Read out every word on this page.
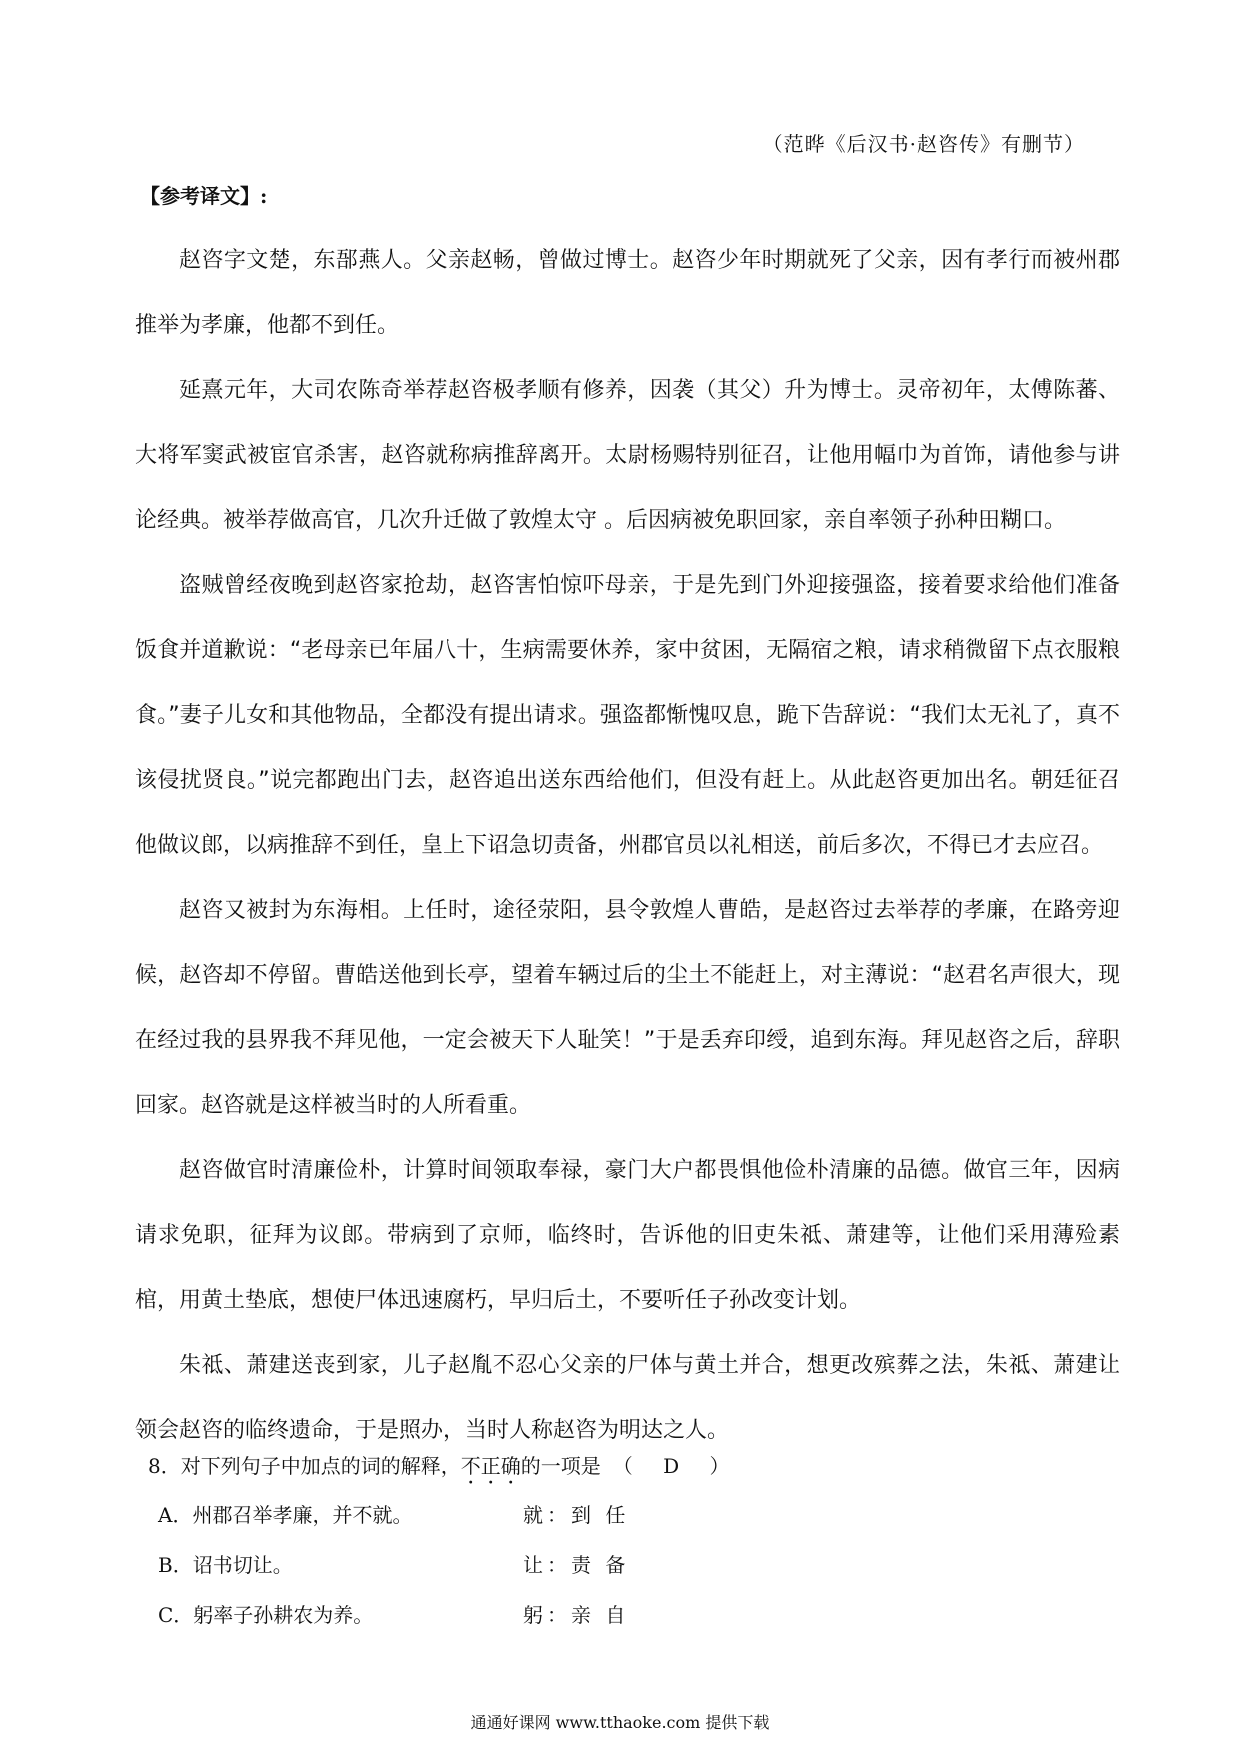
（范晔《后汉书·赵咨传》有删节）
【参考译文】:

赵咨字文楚，东郚燕人。父亲赵畅，曾做过博士。赵咨少年时期就死了父亲，因有孝行而被州郡推举为孝廉，他都不到任。

延熹元年，大司农陈奇举荐赵咨极孝顺有修养，因袭（其父）升为博士。灵帝初年，太傅陈蕃、大将军窦武被宦官杀害，赵咨就称病推辞离开。太尉杨赐特别征召，让他用幅巾为首饰，请他参与讲论经典。被举荐做高官，几次升迁做了敦煌太守 。后因病被免职回家，亲自率领子孙种田糊口。

盗贼曾经夜晚到赵咨家抢劫，赵咨害怕惊吓母亲，于是先到门外迎接强盗，接着要求给他们准备饭食并道歉说：“老母亲已年届八十，生病需要休养，家中贫困，无隔宿之粮，请求稍微留下点衣服粮食。”妻子儿女和其他物品，全都没有提出请求。强盗都惭愧叹息，跪下告辞说：“我们太无礼了，真不该侵扰贤良。”说完都跑出门去，赵咨追出送东西给他们，但没有赶上。从此赵咨更加出名。朝廷征召他做议郎，以病推辞不到任，皇上下诏急切责备，州郡官员以礼相送，前后多次，不得已才去应召。

赵咨又被封为东海相。上任时，途径荥阳，县令敦煌人曹皓，是赵咨过去举荐的孝廉，在路旁迎候，赵咨却不停留。曹皓送他到长亭，望着车辆过后的尘土不能赶上，对主薄说：“赵君名声很大，现在经过我的县界我不拜见他，一定会被天下人耻笑！”于是丢弃印绶，追到东海。拜见赵咨之后，辞职回家。赵咨就是这样被当时的人所看重。

赵咨做官时清廉俭朴，计算时间领取奉禄，豪门大户都畏惧他俭朴清廉的品德。做官三年，因病请求免职，征拜为议郎。带病到了京师，临终时，告诉他的旧吏朱祗、萧建等，让他们采用薄殓素棺，用黄土垫底，想使尸体迅速腐朽，早归后土，不要听任子孙改变计划。

朱祗、萧建送丧到家，儿子赵胤不忍心父亲的尸体与黄土并合，想更改殡葬之法，朱祗、萧建让领会赵咨的临终遗命，于是照办，当时人称赵咨为明达之人。

8．对下列句子中加点的词的解释，不正确的一项是 （ D ）
A．州郡召举孝廉，并不就。	就：到 任
B．诏书切让。	让：责 备
C．躬率子孙耕农为养。	躬：亲 自
通通好课网 www.tthaoke.com 提供下载
